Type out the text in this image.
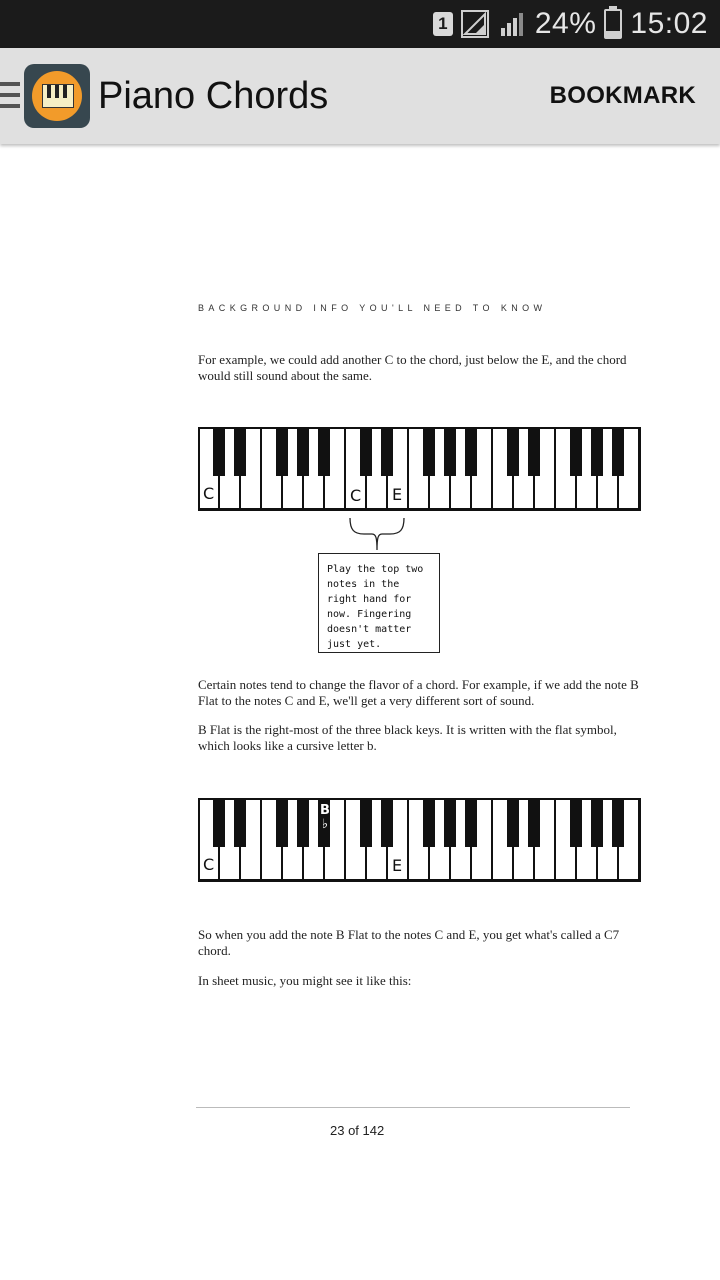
1	24% 15:02
Piano Chords	BOOKMARK
BACKGROUND INFO YOU'LL NEED TO KNOW
For example, we could add another C to the chord, just below the E, and the chord would still sound about the same.
C	C E
Play the top two notes in the right hand for now. Fingering doesn't matter just yet.
Certain notes tend to change the flavor of a chord. For example, if we add the note B Flat to the notes C and E, we'll get a very different sort of sound.
B Flat is the right-most of the three black keys. It is written with the flat symbol, which looks like a cursive letter b.
C
B♭
E
So when you add the note B Flat to the notes C and E, you get what's called a C7 chord.
In sheet music, you might see it like this:
23 of 142
